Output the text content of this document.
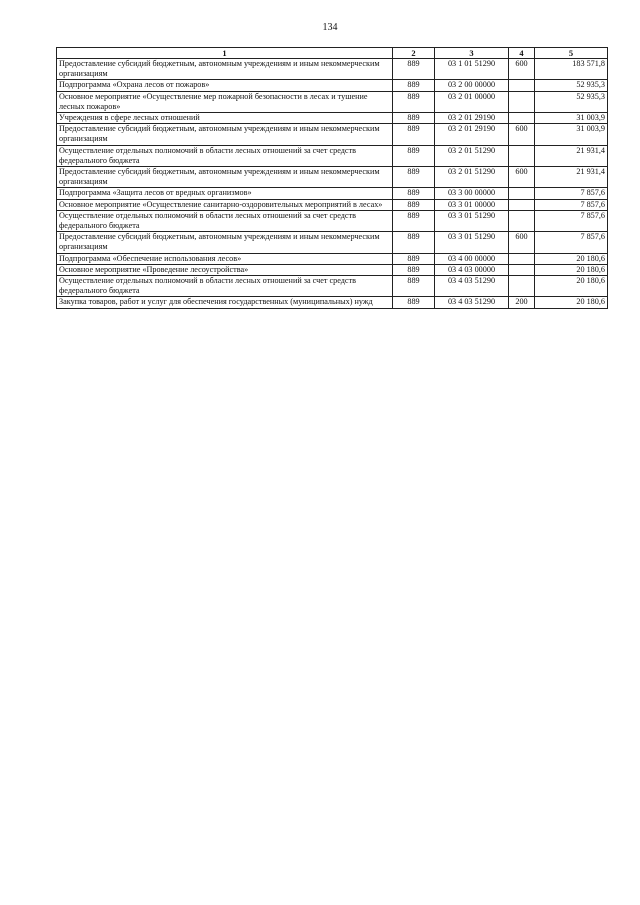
134
1	2	3	4	5
Предоставление субсидий бюджетным, автономным учреждениям и иным некоммерческим организациям	889	03 1 01 51290	600	183 571,8
Подпрограмма «Охрана лесов от пожаров»	889	03 2 00 00000		52 935,3
Основное мероприятие «Осуществление мер пожарной безопасности в лесах и тушение лесных пожаров»	889	03 2 01 00000		52 935,3
Учреждения в сфере лесных отношений	889	03 2 01 29190		31 003,9
Предоставление субсидий бюджетным, автономным учреждениям и иным некоммерческим организациям	889	03 2 01 29190	600	31 003,9
Осуществление отдельных полномочий в области лесных отношений за счет средств федерального бюджета	889	03 2 01 51290		21 931,4
Предоставление субсидий бюджетным, автономным учреждениям и иным некоммерческим организациям	889	03 2 01 51290	600	21 931,4
Подпрограмма «Защита лесов от вредных организмов»	889	03 3 00 00000		7 857,6
Основное мероприятие «Осуществление санитарно-оздоровительных мероприятий в лесах»	889	03 3 01 00000		7 857,6
Осуществление отдельных полномочий в области лесных отношений за счет средств федерального бюджета	889	03 3 01 51290		7 857,6
Предоставление субсидий бюджетным, автономным учреждениям и иным некоммерческим организациям	889	03 3 01 51290	600	7 857,6
Подпрограмма «Обеспечение использования лесов»	889	03 4 00 00000		20 180,6
Основное мероприятие «Проведение лесоустройства»	889	03 4 03 00000		20 180,6
Осуществление отдельных полномочий в области лесных отношений за счет средств федерального бюджета	889	03 4 03 51290		20 180,6
Закупка товаров, работ и услуг для обеспечения государственных (муниципальных) нужд	889	03 4 03 51290	200	20 180,6
